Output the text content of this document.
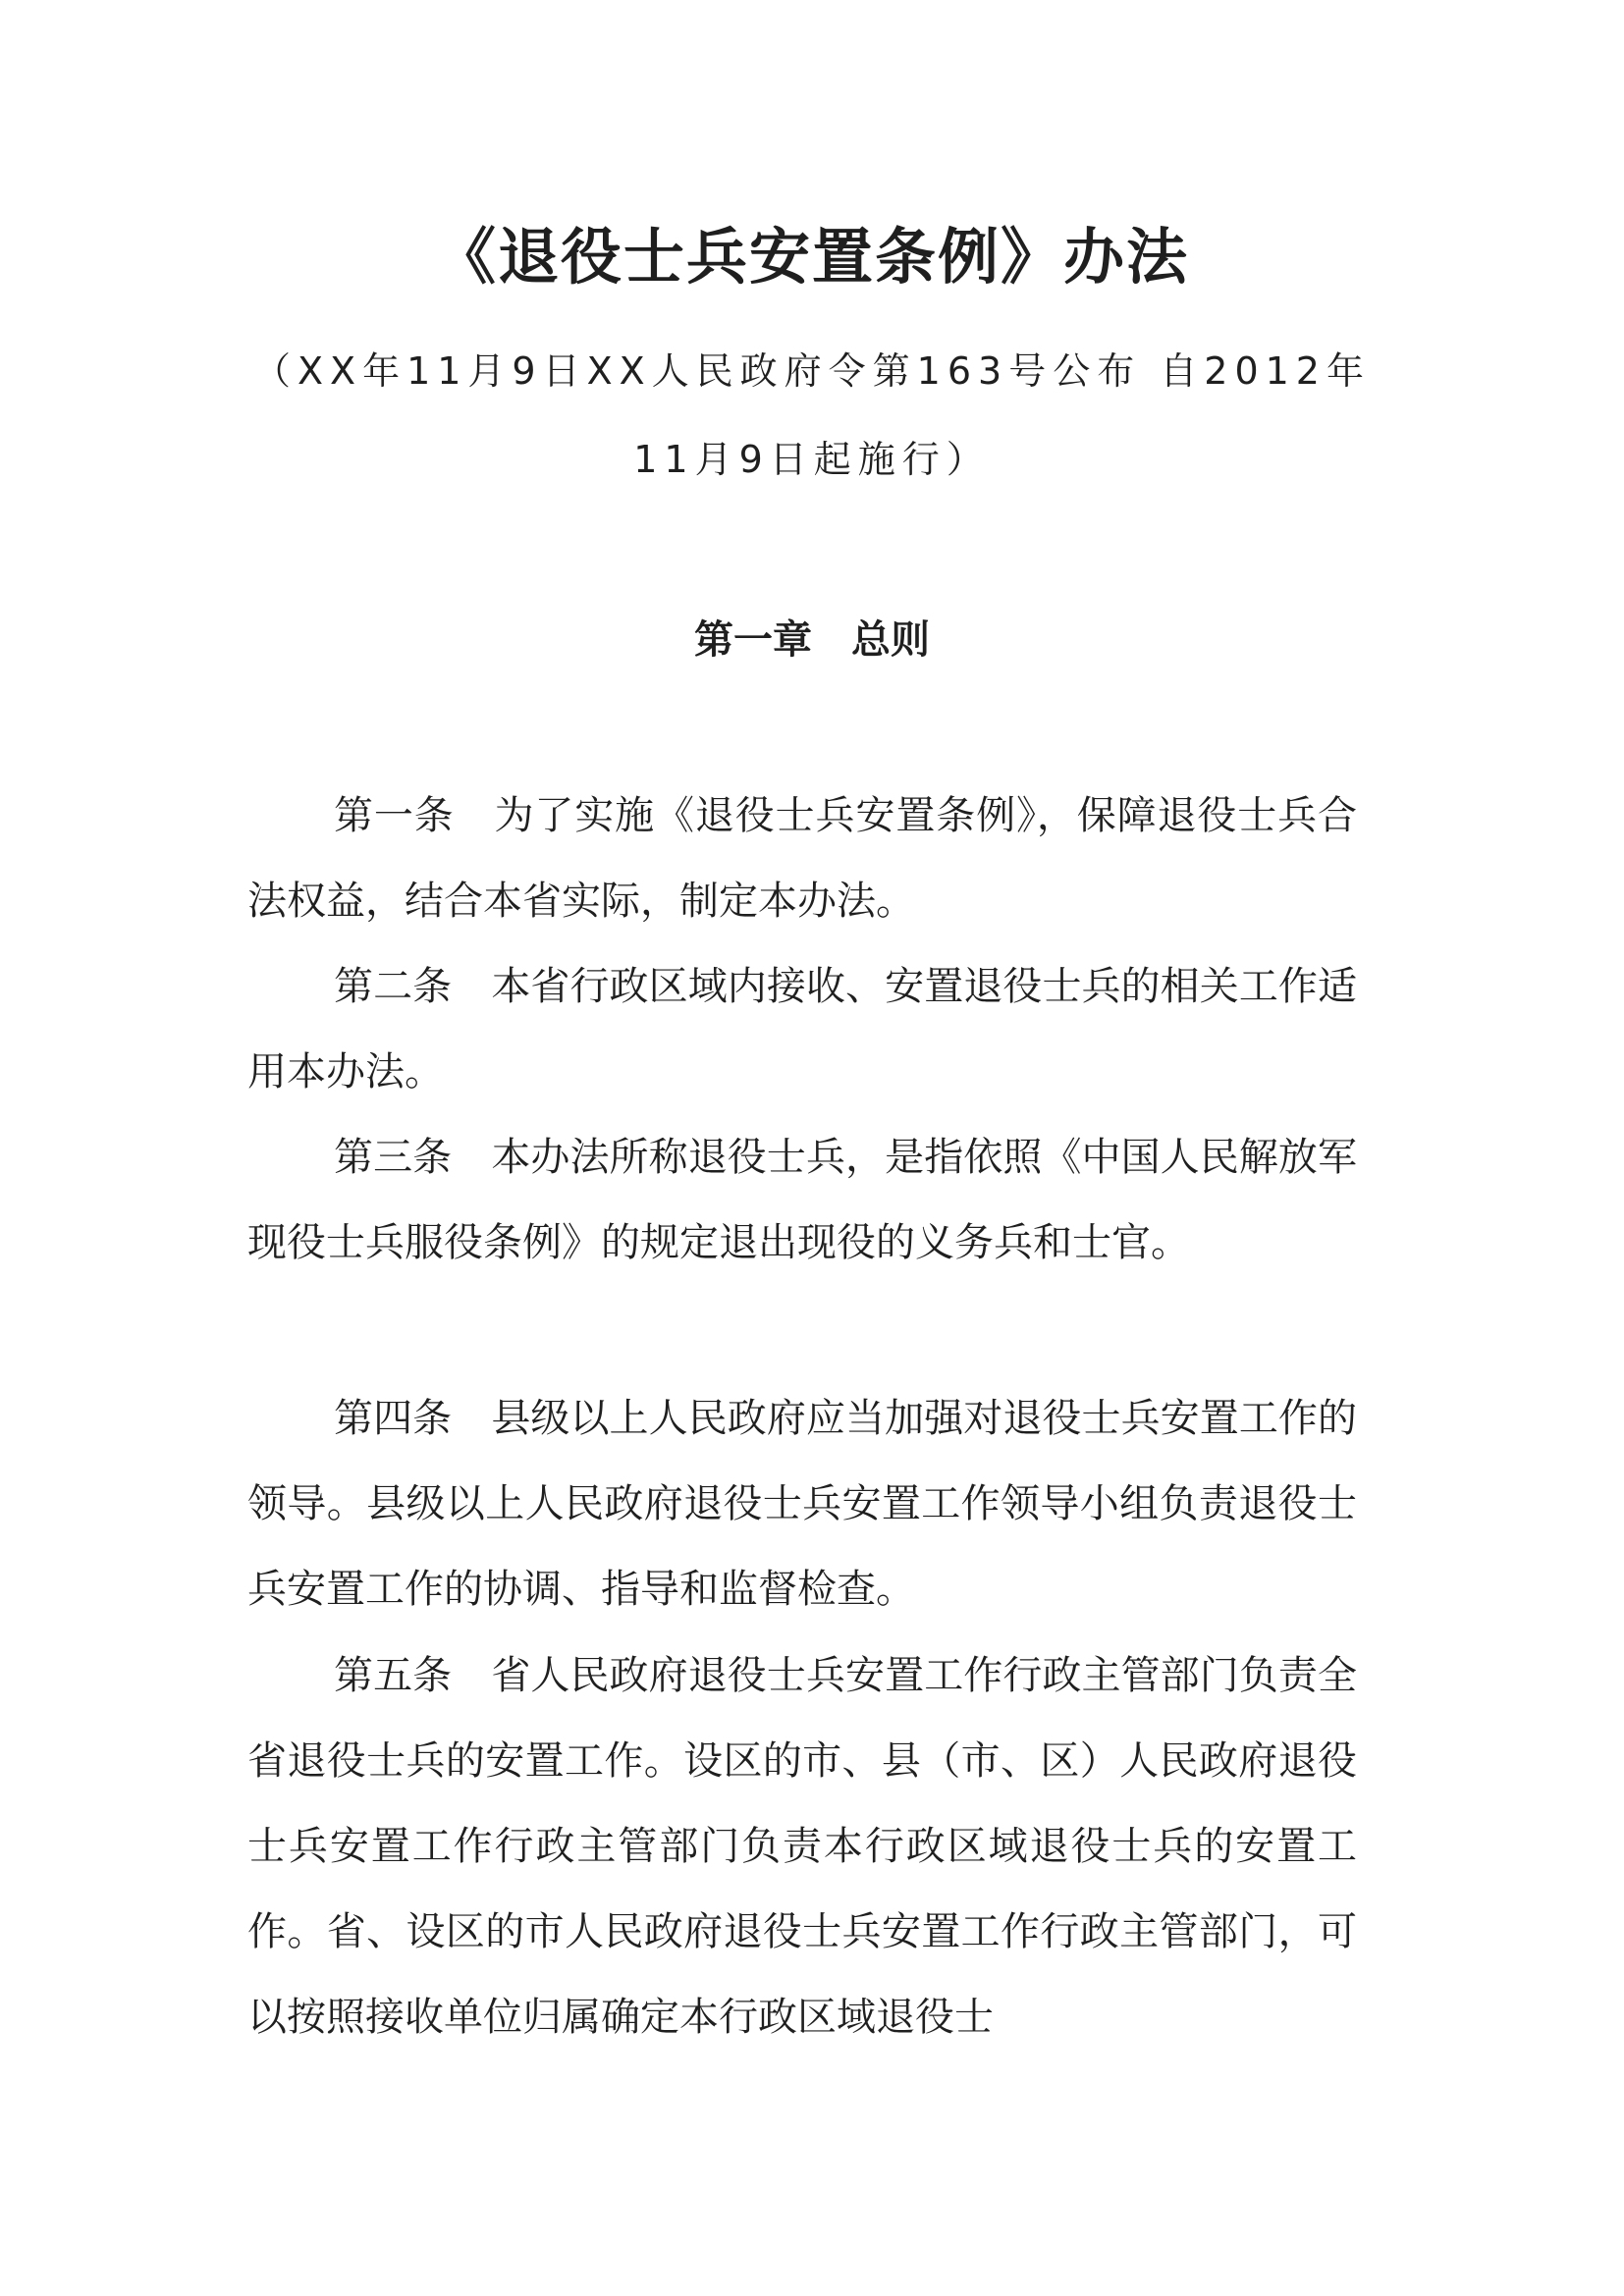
《退役士兵安置条例》办法

（XX年11月9日XX人民政府令第163号公布 自2012年11月9日起施行）

第一章　总则

第一条　为了实施《退役士兵安置条例》，保障退役士兵合法权益，结合本省实际，制定本办法。

第二条　本省行政区域内接收、安置退役士兵的相关工作适用本办法。

第三条　本办法所称退役士兵，是指依照《中国人民解放军现役士兵服役条例》的规定退出现役的义务兵和士官。

第四条　县级以上人民政府应当加强对退役士兵安置工作的领导。县级以上人民政府退役士兵安置工作领导小组负责退役士兵安置工作的协调、指导和监督检查。

第五条　省人民政府退役士兵安置工作行政主管部门负责全省退役士兵的安置工作。设区的市、县（市、区）人民政府退役士兵安置工作行政主管部门负责本行政区域退役士兵的安置工作。省、设区的市人民政府退役士兵安置工作行政主管部门，可以按照接收单位归属确定本行政区域退役士
